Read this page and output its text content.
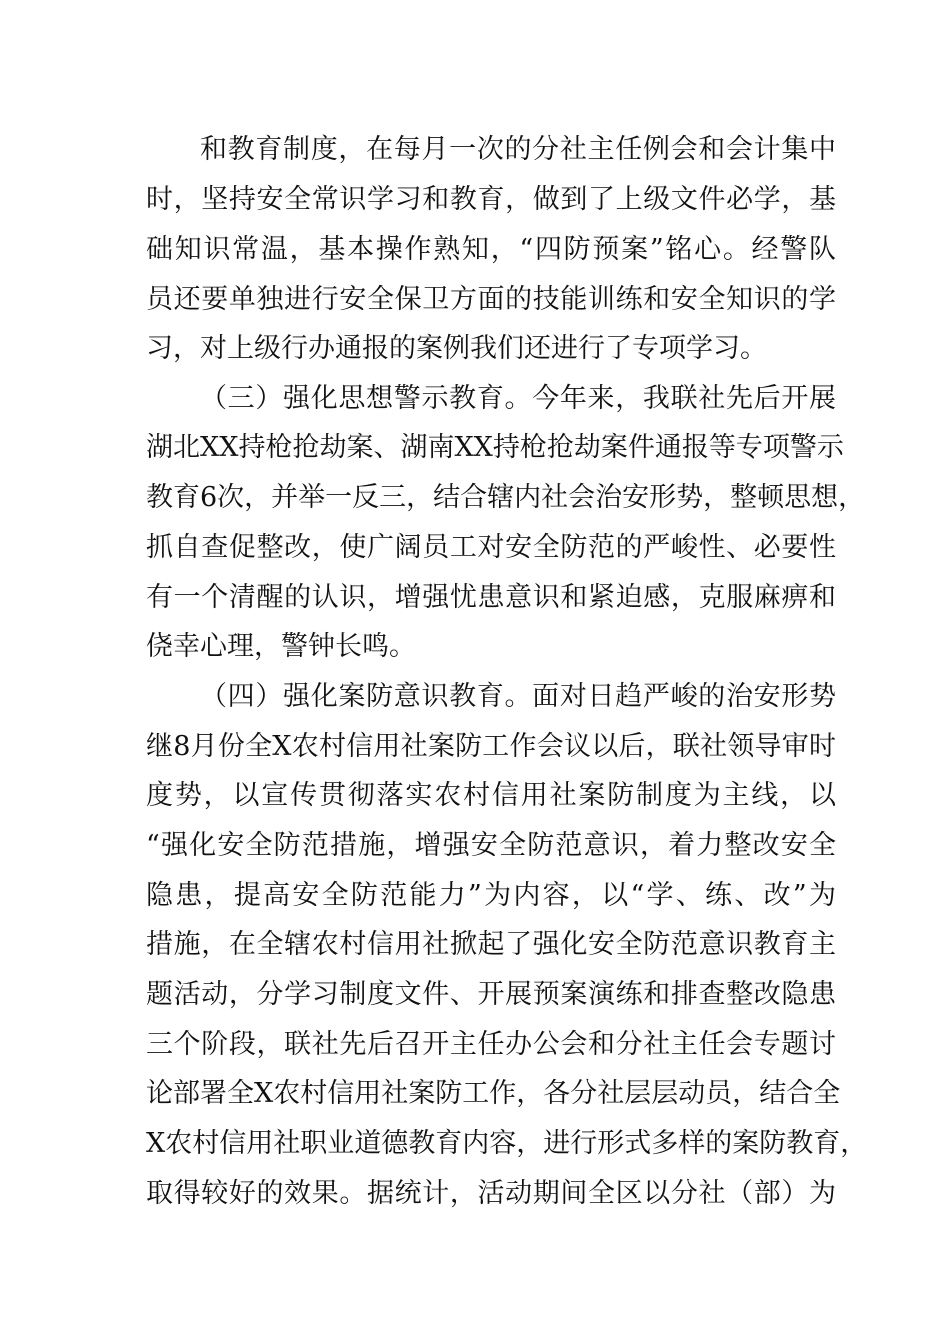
和教育制度，在每月一次的分社主任例会和会计集中
时，坚持安全常识学习和教育，做到了上级文件必学，基
础知识常温，基本操作熟知，“四防预案”铭心。经警队
员还要单独进行安全保卫方面的技能训练和安全知识的学
习，对上级行办通报的案例我们还进行了专项学习。
（三）强化思想警示教育。今年来，我联社先后开展
湖北XX持枪抢劫案、湖南XX持枪抢劫案件通报等专项警示
教育6次，并举一反三，结合辖内社会治安形势，整顿思想，
抓自查促整改，使广阔员工对安全防范的严峻性、必要性
有一个清醒的认识，增强忧患意识和紧迫感，克服麻痹和
侥幸心理，警钟长鸣。
（四）强化案防意识教育。面对日趋严峻的治安形势
继8月份全X农村信用社案防工作会议以后，联社领导审时
度势，以宣传贯彻落实农村信用社案防制度为主线，以
“强化安全防范措施，增强安全防范意识，着力整改安全
隐患，提高安全防范能力”为内容，以“学、练、改”为
措施，在全辖农村信用社掀起了强化安全防范意识教育主
题活动，分学习制度文件、开展预案演练和排查整改隐患
三个阶段，联社先后召开主任办公会和分社主任会专题讨
论部署全X农村信用社案防工作，各分社层层动员，结合全
X农村信用社职业道德教育内容，进行形式多样的案防教育，
取得较好的效果。据统计，活动期间全区以分社（部）为
